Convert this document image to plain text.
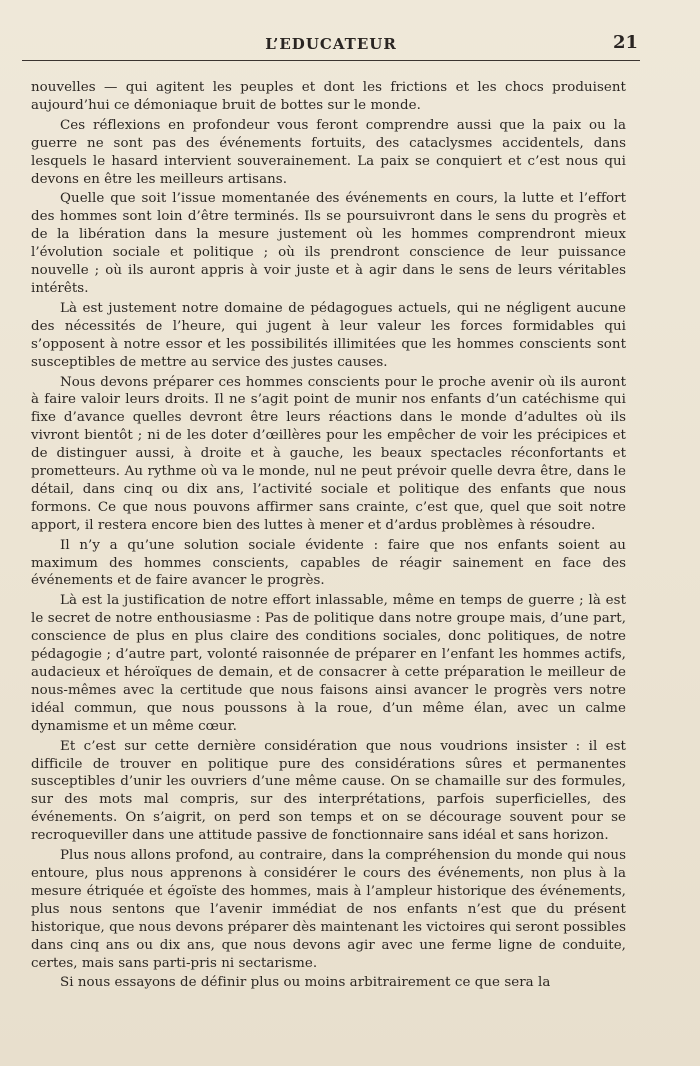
L’EDUCATEUR	21

nouvelles — qui agitent les peuples et dont les frictions et les chocs produisent aujourd’hui ce démoniaque bruit de bottes sur le monde.

Ces réflexions en profondeur vous feront comprendre aussi que la paix ou la guerre ne sont pas des événements fortuits, des cataclysmes accidentels, dans lesquels le hasard intervient souverainement. La paix se conquiert et c’est nous qui devons en être les meilleurs artisans.

Quelle que soit l’issue momentanée des événements en cours, la lutte et l’effort des hommes sont loin d’être terminés. Ils se poursuivront dans le sens du progrès et de la libération dans la mesure justement où les hommes comprendront mieux l’évolution sociale et politique ; où ils prendront conscience de leur puissance nouvelle ; où ils auront appris à voir juste et à agir dans le sens de leurs véritables intérêts.

Là est justement notre domaine de pédagogues actuels, qui ne négligent aucune des nécessités de l’heure, qui jugent à leur valeur les forces formidables qui s’opposent à notre essor et les possibilités illimitées que les hommes conscients sont susceptibles de mettre au service des justes causes.

Nous devons préparer ces hommes conscients pour le proche avenir où ils auront à faire valoir leurs droits. Il ne s’agit point de munir nos enfants d’un catéchisme qui fixe d’avance quelles devront être leurs réactions dans le monde d’adultes où ils vivront bientôt ; ni de les doter d’œillères pour les empêcher de voir les précipices et de distinguer aussi, à droite et à gauche, les beaux spectacles réconfortants et prometteurs. Au rythme où va le monde, nul ne peut prévoir quelle devra être, dans le détail, dans cinq ou dix ans, l’activité sociale et politique des enfants que nous formons. Ce que nous pouvons affirmer sans crainte, c’est que, quel que soit notre apport, il restera encore bien des luttes à mener et d’ardus problèmes à résoudre.

Il n’y a qu’une solution sociale évidente : faire que nos enfants soient au maximum des hommes conscients, capables de réagir sainement en face des événements et de faire avancer le progrès.

Là est la justification de notre effort inlassable, même en temps de guerre ; là est le secret de notre enthousiasme : Pas de politique dans notre groupe mais, d’une part, conscience de plus en plus claire des conditions sociales, donc politiques, de notre pédagogie ; d’autre part, volonté raisonnée de préparer en l’enfant les hommes actifs, audacieux et héroïques de demain, et de consacrer à cette préparation le meilleur de nous-mêmes avec la certitude que nous faisons ainsi avancer le progrès vers notre idéal commun, que nous poussons à la roue, d’un même élan, avec un calme dynamisme et un même cœur.

Et c’est sur cette dernière considération que nous voudrions insister : il est difficile de trouver en politique pure des considérations sûres et permanentes susceptibles d’unir les ouvriers d’une même cause. On se chamaille sur des formules, sur des mots mal compris, sur des interprétations, parfois superficielles, des événements. On s’aigrit, on perd son temps et on se décourage souvent pour se recroqueviller dans une attitude passive de fonctionnaire sans idéal et sans horizon.

Plus nous allons profond, au contraire, dans la compréhension du monde qui nous entoure, plus nous apprenons à considérer le cours des événements, non plus à la mesure étriquée et égoïste des hommes, mais à l’ampleur historique des événements, plus nous sentons que l’avenir immédiat de nos enfants n’est que du présent historique, que nous devons préparer dès maintenant les victoires qui seront possibles dans cinq ans ou dix ans, que nous devons agir avec une ferme ligne de conduite, certes, mais sans parti-pris ni sectarisme.

Si nous essayons de définir plus ou moins arbitrairement ce que sera la
